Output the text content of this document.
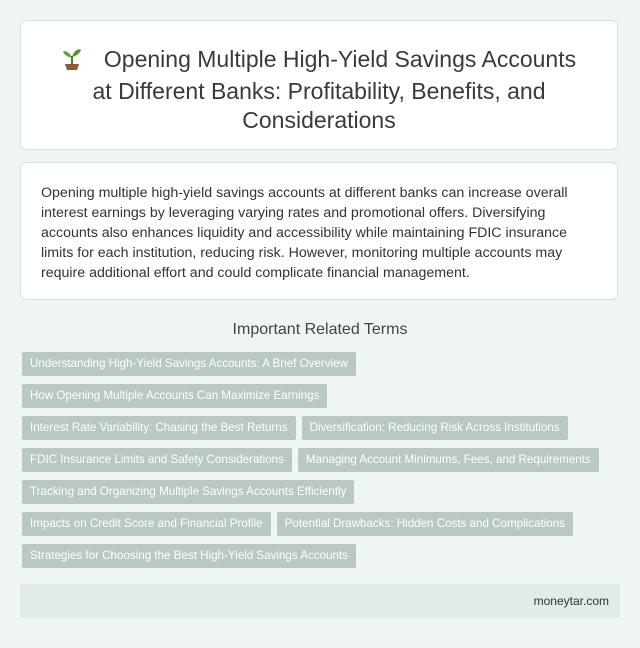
Opening Multiple High-Yield Savings Accounts at Different Banks: Profitability, Benefits, and Considerations
Opening multiple high-yield savings accounts at different banks can increase overall interest earnings by leveraging varying rates and promotional offers. Diversifying accounts also enhances liquidity and accessibility while maintaining FDIC insurance limits for each institution, reducing risk. However, monitoring multiple accounts may require additional effort and could complicate financial management.
Important Related Terms
Understanding High-Yield Savings Accounts: A Brief Overview
How Opening Multiple Accounts Can Maximize Earnings
Interest Rate Variability: Chasing the Best Returns	Diversification: Reducing Risk Across Institutions
FDIC Insurance Limits and Safety Considerations	Managing Account Minimums, Fees, and Requirements
Tracking and Organizing Multiple Savings Accounts Efficiently
Impacts on Credit Score and Financial Profile	Potential Drawbacks: Hidden Costs and Complications
Strategies for Choosing the Best High-Yield Savings Accounts
moneytar.com
